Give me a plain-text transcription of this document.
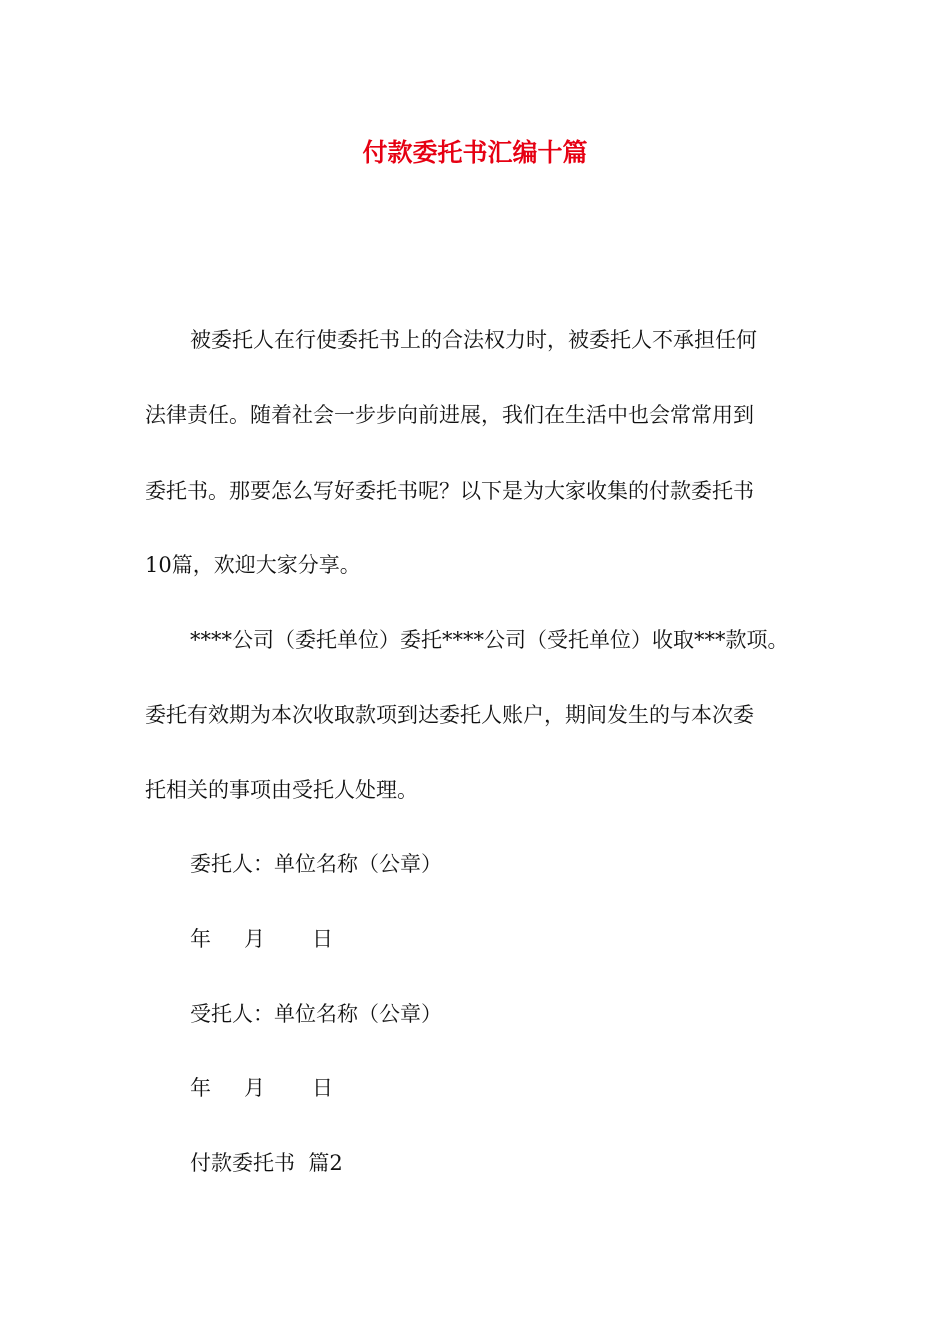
付款委托书汇编十篇
被委托人在行使委托书上的合法权力时，被委托人不承担任何
法律责任。随着社会一步步向前进展，我们在生活中也会常常用到
委托书。那要怎么写好委托书呢？以下是为大家收集的付款委托书
10篇，欢迎大家分享。
****公司（委托单位）委托****公司（受托单位）收取***款项。
委托有效期为本次收取款项到达委托人账户，期间发生的与本次委
托相关的事项由受托人处理。
委托人：单位名称（公章）
年 月 日
受托人：单位名称（公章）
年 月 日
付款委托书  篇2
